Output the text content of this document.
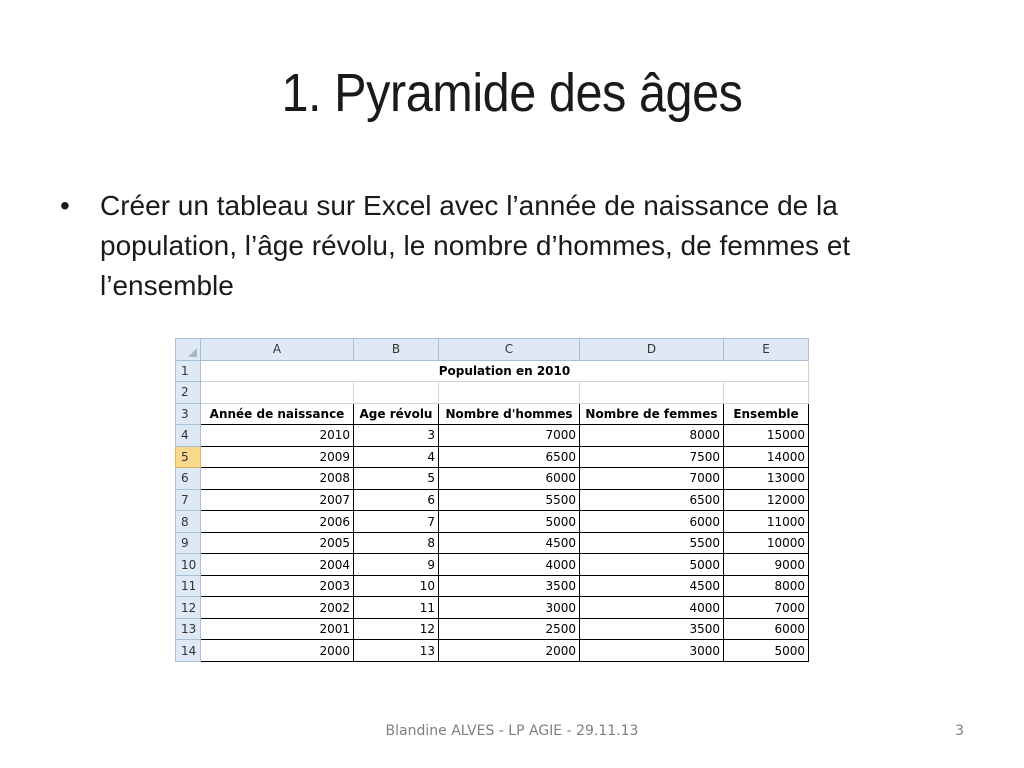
1. Pyramide des âges
•	Créer un tableau sur Excel avec l’année de naissance de la population, l’âge révolu, le nombre d’hommes, de femmes et l’ensemble
	A	B	C	D	E
1	Population en 2010				
2					
3	Année de naissance	Age révolu	Nombre d'hommes	Nombre de femmes	Ensemble
4	2010	3	7000	8000	15000
5	2009	4	6500	7500	14000
6	2008	5	6000	7000	13000
7	2007	6	5500	6500	12000
8	2006	7	5000	6000	11000
9	2005	8	4500	5500	10000
10	2004	9	4000	5000	9000
11	2003	10	3500	4500	8000
12	2002	11	3000	4000	7000
13	2001	12	2500	3500	6000
14	2000	13	2000	3000	5000
Blandine ALVES - LP AGIE - 29.11.13	3
